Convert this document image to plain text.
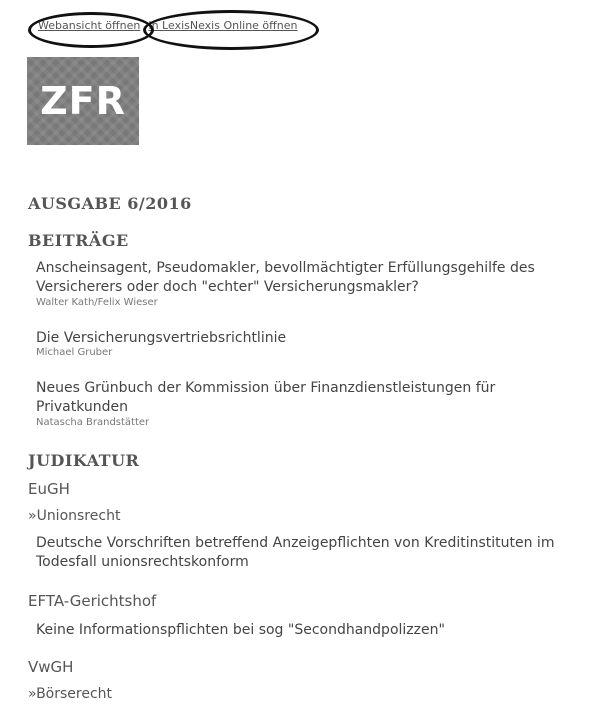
Webansicht öffnen In LexisNexis Online öffnen
ZFR
AUSGABE 6/2016
BEITRÄGE
Anscheinsagent, Pseudomakler, bevollmächtigter Erfüllungsgehilfe des Versicherers oder doch "echter" Versicherungsmakler?
Walter Kath/Felix Wieser
Die Versicherungsvertriebsrichtlinie
Michael Gruber
Neues Grünbuch der Kommission über Finanzdienstleistungen für Privatkunden
Natascha Brandstätter
JUDIKATUR
EuGH
»Unionsrecht
Deutsche Vorschriften betreffend Anzeigepflichten von Kreditinstituten im Todesfall unionsrechtskonform
EFTA-Gerichtshof
Keine Informationspflichten bei sog "Secondhandpolizzen"
VwGH
»Börserecht
